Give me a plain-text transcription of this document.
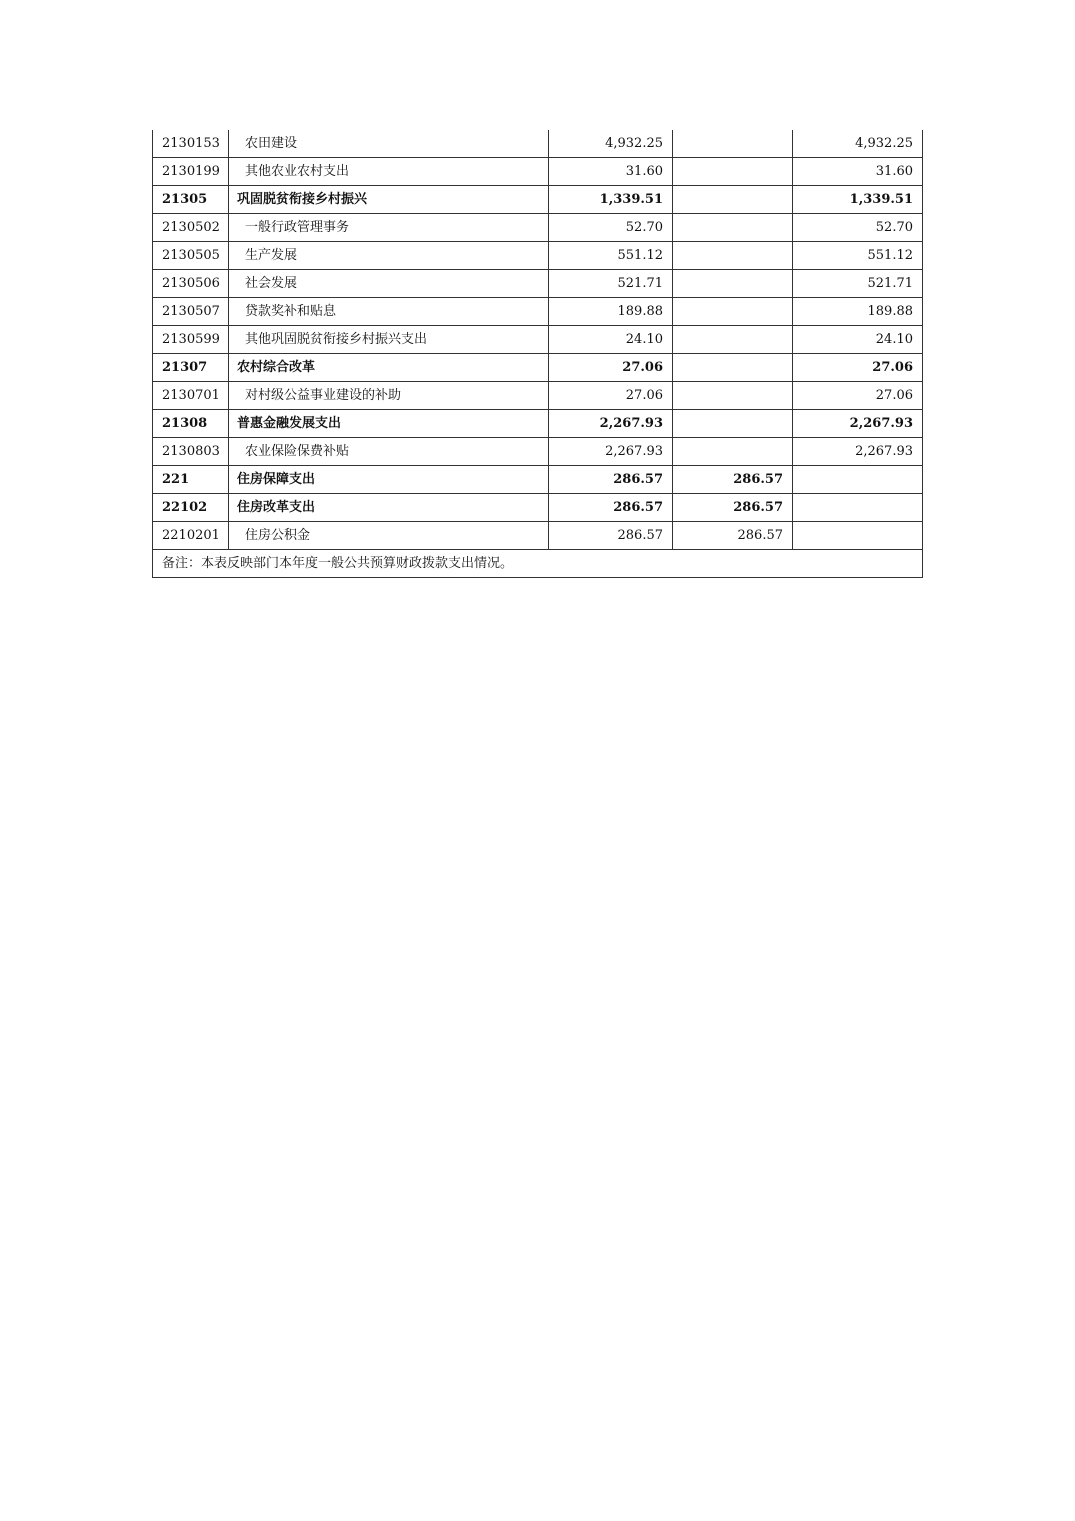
2130153	农田建设	4,932.25		4,932.25
2130199	其他农业农村支出	31.60		31.60
21305	巩固脱贫衔接乡村振兴	1,339.51		1,339.51
2130502	一般行政管理事务	52.70		52.70
2130505	生产发展	551.12		551.12
2130506	社会发展	521.71		521.71
2130507	贷款奖补和贴息	189.88		189.88
2130599	其他巩固脱贫衔接乡村振兴支出	24.10		24.10
21307	农村综合改革	27.06		27.06
2130701	对村级公益事业建设的补助	27.06		27.06
21308	普惠金融发展支出	2,267.93		2,267.93
2130803	农业保险保费补贴	2,267.93		2,267.93
221	住房保障支出	286.57	286.57	
22102	住房改革支出	286.57	286.57	
2210201	住房公积金	286.57	286.57	
备注：本表反映部门本年度一般公共预算财政拨款支出情况。				
